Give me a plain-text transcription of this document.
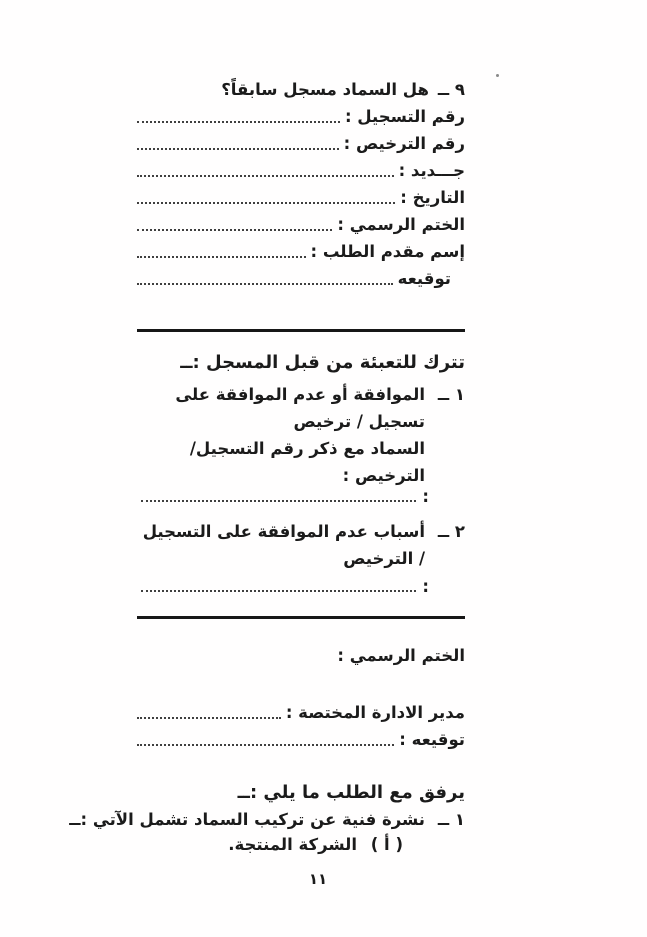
٩ ــ
هل السماد مسجل سابقاً؟
رقم التسجيل :
رقم الترخيص :
جـــديد :
التاريخ :
الختم الرسمي :
إسم مقدم الطلب :
توقيعه
تترك للتعبئة من قبل المسجل :ــ
١ ــ
الموافقة أو عدم الموافقة على تسجيل / ترخيص
السماد مع ذكر رقم التسجيل/الترخيص :
:
٢ ــ
أسباب عدم الموافقة على التسجيل / الترخيص
:
الختم الرسمي :
مدير الادارة المختصة :
توقيعه :
يرفق مع الطلب ما يلي :ــ
١ ــ
نشرة فنية عن تركيب السماد تشمل الآتي :ــ
( أ ) الشركة المنتجة.
١١
